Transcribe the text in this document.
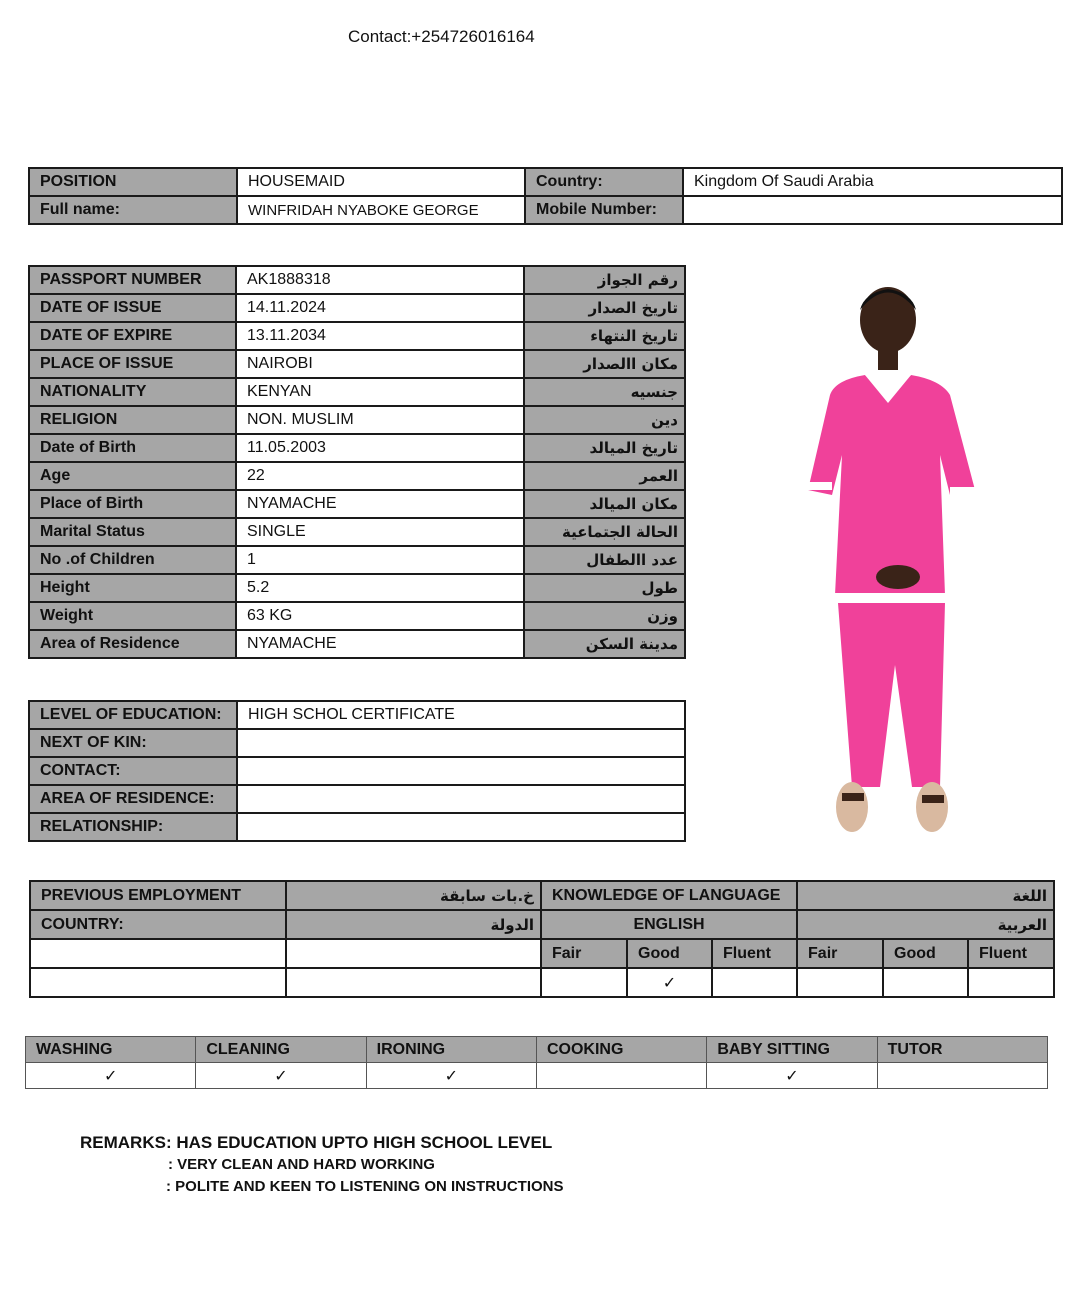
Contact:+254726016164
POSITION	HOUSEMAID	Country:	Kingdom Of Saudi Arabia
Full name:	WINFRIDAH NYABOKE GEORGE	Mobile Number:	
PASSPORT NUMBER	AK1888318	رقم الجواز
DATE OF ISSUE	14.11.2024	تاريخ الصدار
DATE OF EXPIRE	13.11.2034	تاريخ النتهاء
PLACE OF ISSUE	NAIROBI	مكان االصدار
NATIONALITY	KENYAN	جنسيه
RELIGION	NON. MUSLIM	دين
Date of Birth	11.05.2003	تاريخ الميالد
Age	22	العمر
Place of Birth	NYAMACHE	مكان الميالد
Marital Status	SINGLE	الحالة الجتماعية
No .of Children	1	عدد االطفال
Height	5.2	طول
Weight	63 KG	وزن
Area of Residence	NYAMACHE	مدينة السكن
LEVEL OF EDUCATION:	HIGH SCHOL CERTIFICATE
NEXT OF KIN:	
CONTACT:	
AREA OF RESIDENCE:	
RELATIONSHIP:	
PREVIOUS EMPLOYMENT	خ.بات سابقة	KNOWLEDGE OF LANGUAGE			اللغة		
COUNTRY:	الدولة	ENGLISH			العربية		
		Fair	Good	Fluent	Fair	Good	Fluent
			✓				
WASHING	CLEANING	IRONING	COOKING	BABY SITTING	TUTOR
✓	✓	✓		✓	
REMARKS: HAS EDUCATION UPTO HIGH SCHOOL LEVEL
: VERY CLEAN AND HARD WORKING
: POLITE AND KEEN TO LISTENING ON INSTRUCTIONS
